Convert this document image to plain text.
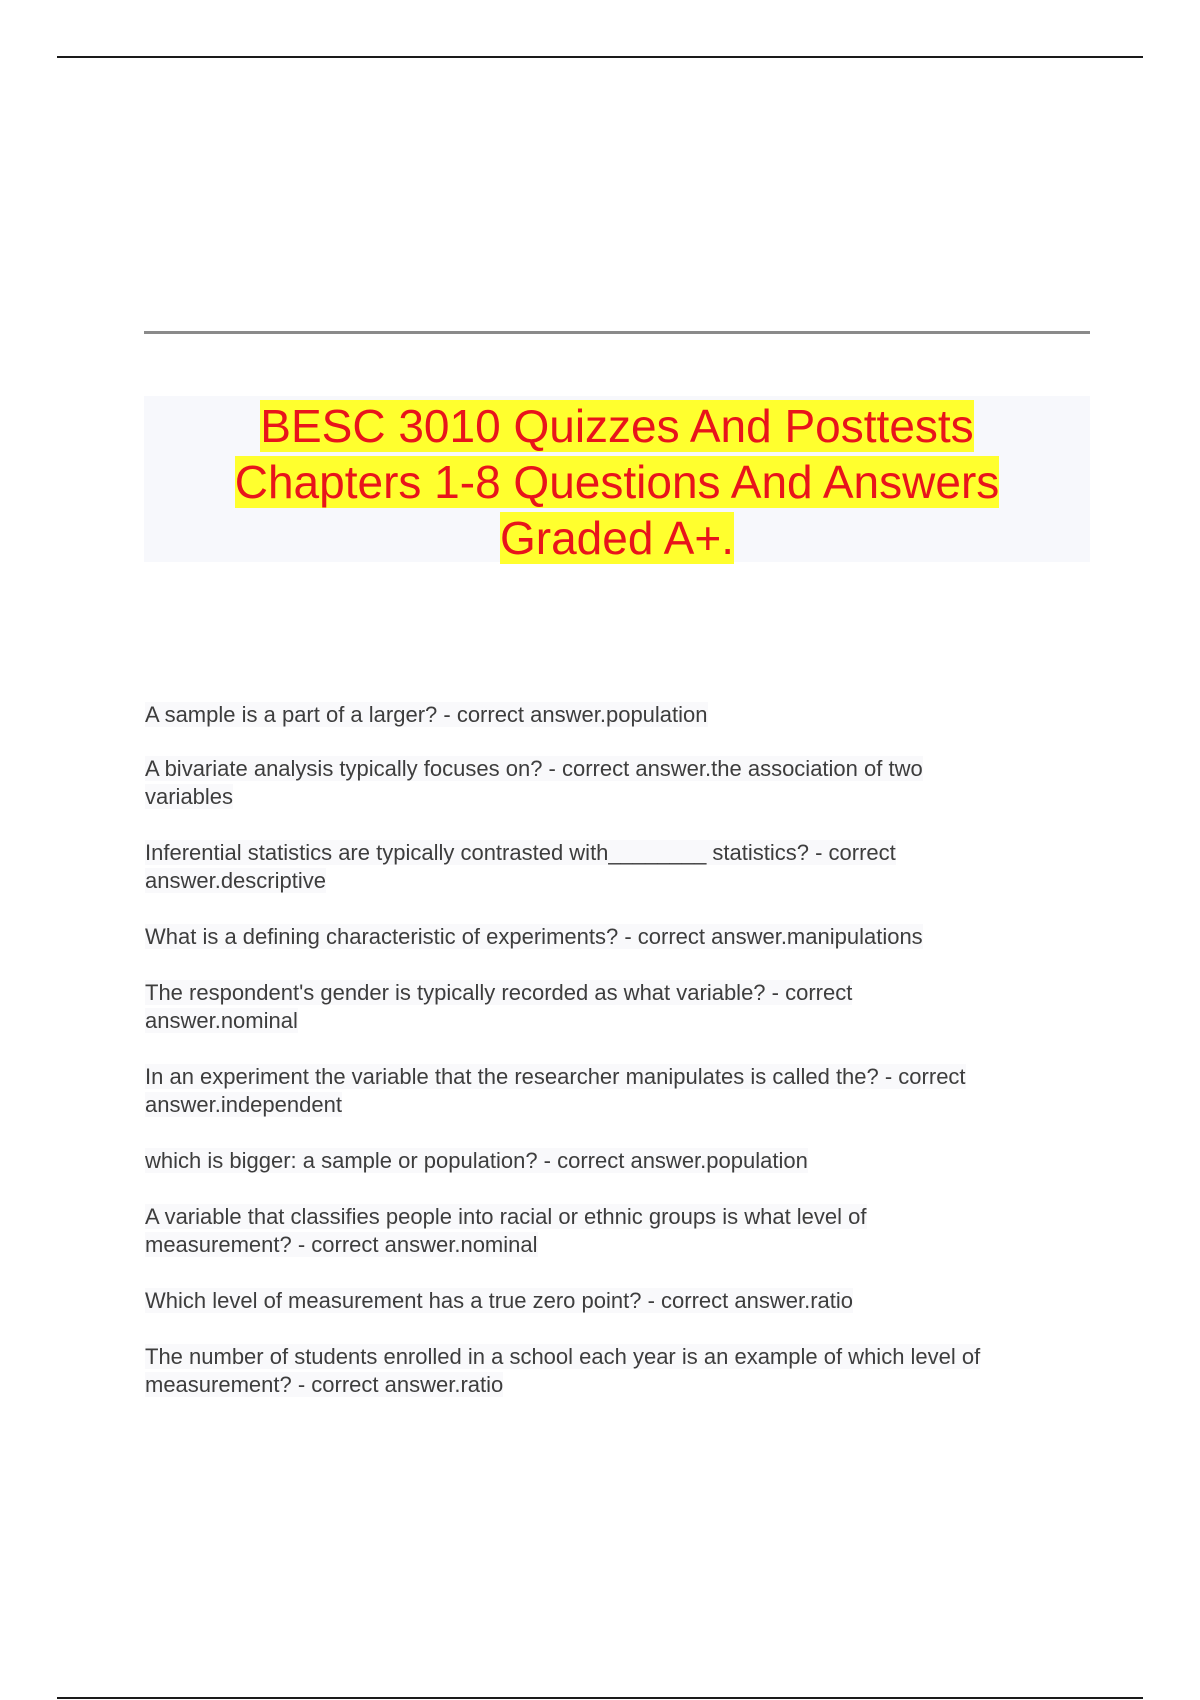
BESC 3010 Quizzes And Posttests
Chapters 1-8 Questions And Answers
Graded A+.

A sample is a part of a larger? - correct answer.population

A bivariate analysis typically focuses on? - correct answer.the association of two
variables

Inferential statistics are typically contrasted with________ statistics? - correct
answer.descriptive

What is a defining characteristic of experiments? - correct answer.manipulations

The respondent's gender is typically recorded as what variable? - correct
answer.nominal

In an experiment the variable that the researcher manipulates is called the? - correct
answer.independent

which is bigger: a sample or population? - correct answer.population

A variable that classifies people into racial or ethnic groups is what level of
measurement? - correct answer.nominal

Which level of measurement has a true zero point? - correct answer.ratio

The number of students enrolled in a school each year is an example of which level of
measurement? - correct answer.ratio
